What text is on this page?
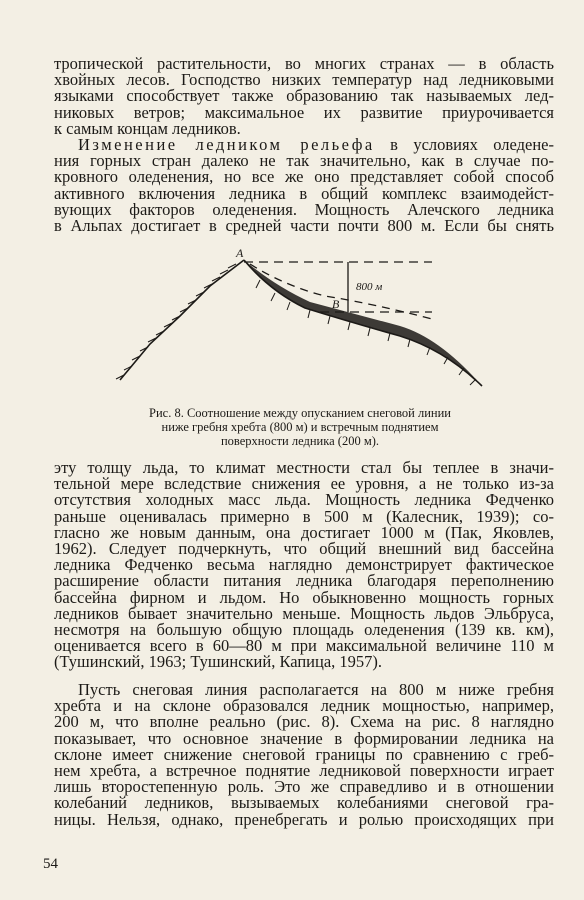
тропической растительности, во многих странах — в область
хвойных лесов. Господство низких температур над ледниковыми
языками способствует также образованию так называемых лед-
никовых ветров; максимальное их развитие приурочивается
к самым концам ледников.
Изменение ледником рельефа в условиях оледене-
ния горных стран далеко не так значительно, как в случае по-
кровного оледенения, но все же оно представляет собой способ
активного включения ледника в общий комплекс взаимодейст-
вующих факторов оледенения. Мощность Алечского ледника
в Альпах достигает в средней части почти 800 м. Если бы снять
А
В
800 м
Рис. 8. Соотношение между опусканием снеговой линии
ниже гребня хребта (800 м) и встречным поднятием
поверхности ледника (200 м).
эту толщу льда, то климат местности стал бы теплее в значи-
тельной мере вследствие снижения ее уровня, а не только из-за
отсутствия холодных масс льда. Мощность ледника Федченко
раньше оценивалась примерно в 500 м (Калесник, 1939); со-
гласно же новым данным, она достигает 1000 м (Пак, Яковлев,
1962). Следует подчеркнуть, что общий внешний вид бассейна
ледника Федченко весьма наглядно демонстрирует фактическое
расширение области питания ледника благодаря переполнению
бассейна фирном и льдом. Но обыкновенно мощность горных
ледников бывает значительно меньше. Мощность льдов Эльбруса,
несмотря на большую общую площадь оледенения (139 кв. км),
оценивается всего в 60—80 м при максимальной величине 110 м
(Тушинский, 1963; Тушинский, Капица, 1957).
Пусть снеговая линия располагается на 800 м ниже гребня
хребта и на склоне образовался ледник мощностью, например,
200 м, что вполне реально (рис. 8). Схема на рис. 8 наглядно
показывает, что основное значение в формировании ледника на
склоне имеет снижение снеговой границы по сравнению с греб-
нем хребта, а встречное поднятие ледниковой поверхности играет
лишь второстепенную роль. Это же справедливо и в отношении
колебаний ледников, вызываемых колебаниями снеговой гра-
ницы. Нельзя, однако, пренебрегать и ролью происходящих при
54
